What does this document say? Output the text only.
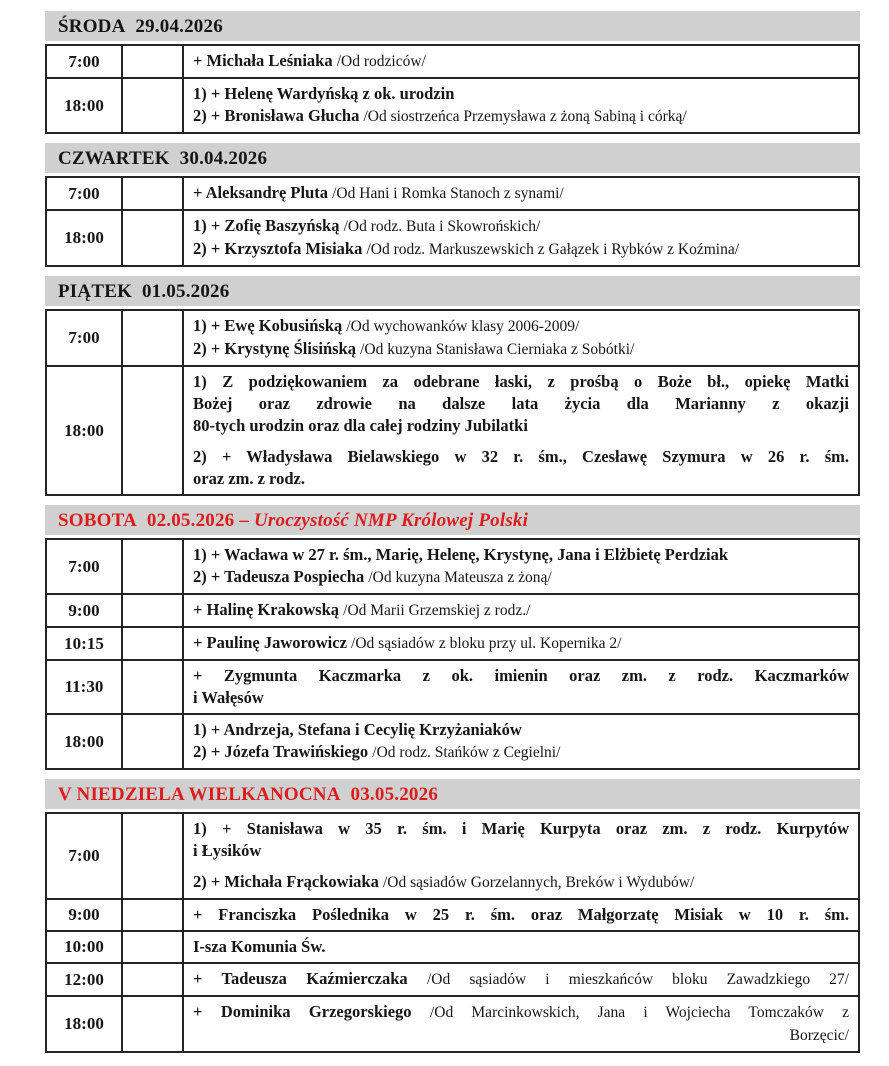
ŚRODA  29.04.2026
7:00		+ Michała Leśniaka /Od rodziców/

18:00		1) + Helenę Wardyńską z ok. urodzin
2) + Bronisława Głucha /Od siostrzeńca Przemysława z żoną Sabiną i córką/
CZWARTEK  30.04.2026
7:00		+ Aleksandrę Pluta /Od Hani i Romka Stanoch z synami/

18:00		1) + Zofię Baszyńską /Od rodz. Buta i Skowrońskich/
2) + Krzysztofa Misiaka /Od rodz. Markuszewskich z Gałązek i Rybków z Koźmina/
PIĄTEK  01.05.2026
7:00		1) + Ewę Kobusińską /Od wychowanków klasy 2006-2009/
2) + Krystynę Ślisińską /Od kuzyna Stanisława Cierniaka z Sobótki/

18:00		1) Z podziękowaniem za odebrane łaski, z prośbą o Boże bł., opiekę Matki
Bożej oraz zdrowie na dalsze lata życia dla Marianny z okazji
80-tych urodzin oraz dla całej rodziny Jubilatki
2) + Władysława Bielawskiego w 32 r. śm., Czesławę Szymura w 26 r. śm.
oraz zm. z rodz.
SOBOTA  02.05.2026 – Uroczystość NMP Królowej Polski
7:00		1) + Wacława w 27 r. śm., Marię, Helenę, Krystynę, Jana i Elżbietę Perdziak
2) + Tadeusza Pospiecha /Od kuzyna Mateusza z żoną/

9:00		+ Halinę Krakowską /Od Marii Grzemskiej z rodz./

10:15		+ Paulinę Jaworowicz /Od sąsiadów z bloku przy ul. Kopernika 2/

11:30		+ Zygmunta Kaczmarka z ok. imienin oraz zm. z rodz. Kaczmarków
i Wałęsów

18:00		1) + Andrzeja, Stefana i Cecylię Krzyżaniaków
2) + Józefa Trawińskiego /Od rodz. Stańków z Cegielni/
V NIEDZIELA WIELKANOCNA  03.05.2026
7:00		1) + Stanisława w 35 r. śm. i Marię Kurpyta oraz zm. z rodz. Kurpytów
i Łysików
2) + Michała Frąckowiaka /Od sąsiadów Gorzelannych, Breków i Wydubów/

9:00		+ Franciszka Poślednika w 25 r. śm. oraz Małgorzatę Misiak w 10 r. śm.

10:00		I-sza Komunia Św.

12:00		+ Tadeusza Kaźmierczaka /Od sąsiadów i mieszkańców bloku Zawadzkiego 27/

18:00		+ Dominika Grzegorskiego /Od Marcinkowskich, Jana i Wojciecha Tomczaków z
Borzęcic/
